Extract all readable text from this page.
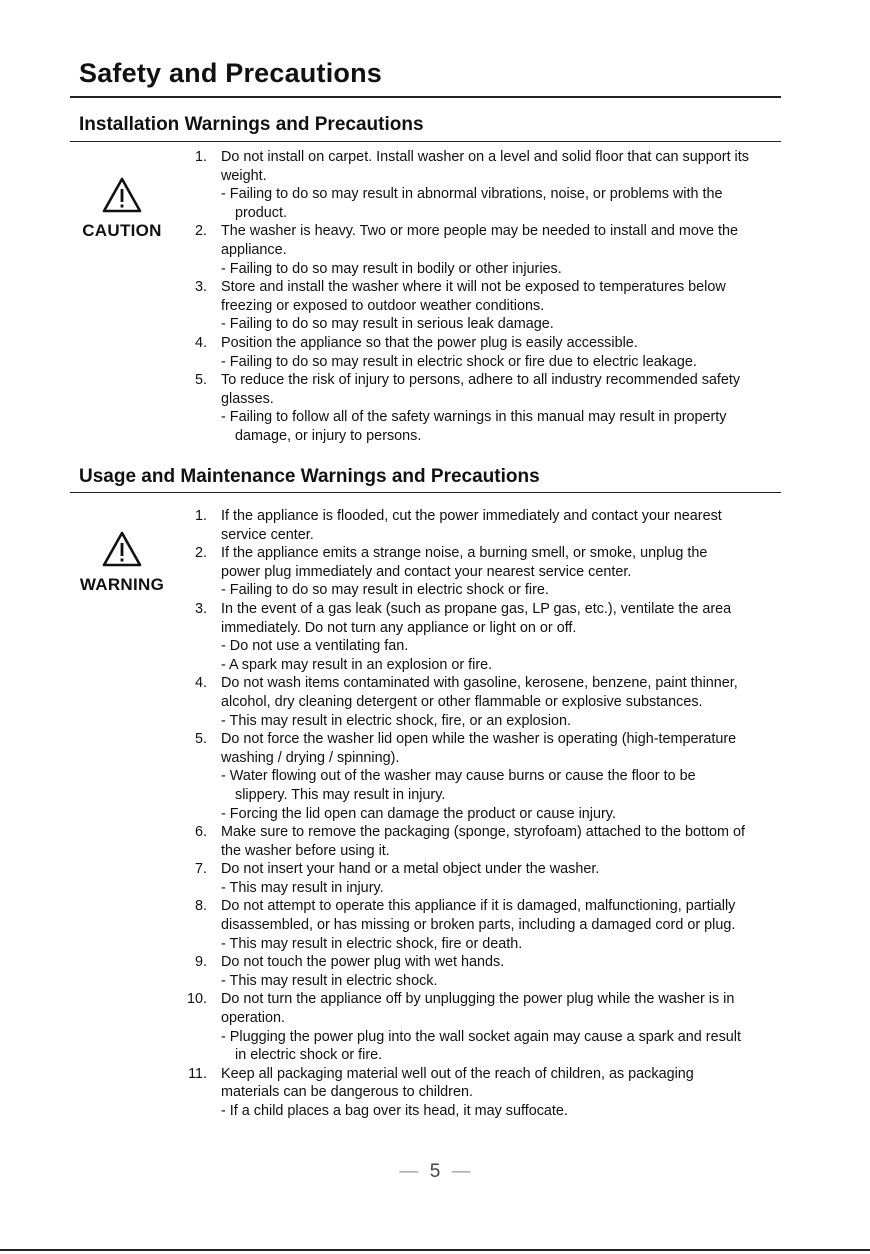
Safety and Precautions
Installation Warnings and Precautions
CAUTION
1. Do not install on carpet. Install washer on a level and solid floor that can support its weight.
- Failing to do so may result in abnormal vibrations, noise, or problems with the product.
2. The washer is heavy. Two or more people may be needed to install and move the appliance.
- Failing to do so may result in bodily or other injuries.
3. Store and install the washer where it will not be exposed to temperatures below freezing or exposed to outdoor weather conditions.
- Failing to do so may result in serious leak damage.
4. Position the appliance so that the power plug is easily accessible.
- Failing to do so may result in electric shock or fire due to electric leakage.
5. To reduce the risk of injury to persons, adhere to all industry recommended safety glasses.
- Failing to follow all of the safety warnings in this manual may result in property damage, or injury to persons.
Usage and Maintenance Warnings and Precautions
WARNING
1. If the appliance is flooded, cut the power immediately and contact your nearest service center.
2. If the appliance emits a strange noise, a burning smell, or smoke, unplug the power plug immediately and contact your nearest service center.
- Failing to do so may result in electric shock or fire.
3. In the event of a gas leak (such as propane gas, LP gas, etc.), ventilate the area immediately. Do not turn any appliance or light on or off.
- Do not use a ventilating fan.
- A spark may result in an explosion or fire.
4. Do not wash items contaminated with gasoline, kerosene, benzene, paint thinner, alcohol, dry cleaning detergent or other flammable or explosive substances.
- This may result in electric shock, fire, or an explosion.
5. Do not force the washer lid open while the washer is operating (high-temperature washing / drying / spinning).
- Water flowing out of the washer may cause burns or cause the floor to be slippery. This may result in injury.
- Forcing the lid open can damage the product or cause injury.
6. Make sure to remove the packaging (sponge, styrofoam) attached to the bottom of the washer before using it.
7. Do not insert your hand or a metal object under the washer.
- This may result in injury.
8. Do not attempt to operate this appliance if it is damaged, malfunctioning, partially disassembled, or has missing or broken parts, including a damaged cord or plug.
- This may result in electric shock, fire or death.
9. Do not touch the power plug with wet hands.
- This may result in electric shock.
10. Do not turn the appliance off by unplugging the power plug while the washer is in operation.
- Plugging the power plug into the wall socket again may cause a spark and result in electric shock or fire.
11. Keep all packaging material well out of the reach of children, as packaging materials can be dangerous to children.
- If a child places a bag over its head, it may suffocate.
— 5 —
